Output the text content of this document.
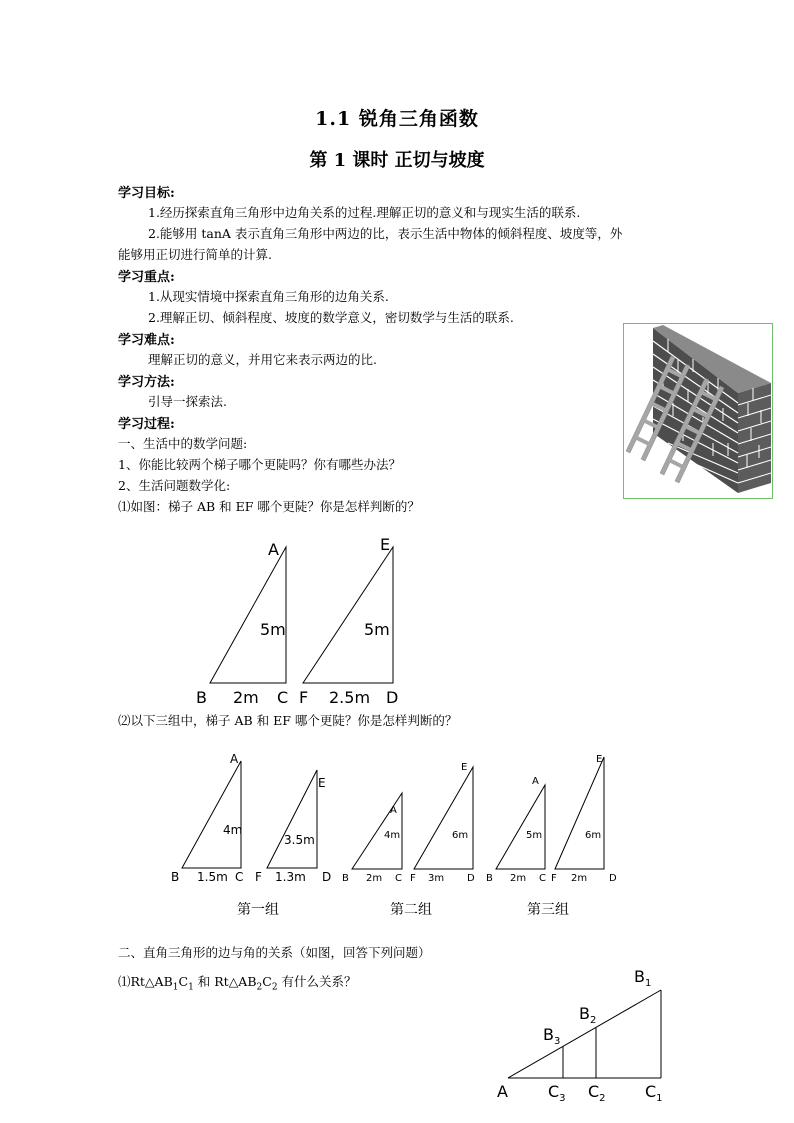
1.1 锐角三角函数
第 1 课时 正切与坡度
学习目标:
1.经历探索直角三角形中边角关系的过程.理解正切的意义和与现实生活的联系.
2.能够用 tanA 表示直角三角形中两边的比，表示生活中物体的倾斜程度、坡度等，外
能够用正切进行简单的计算.
学习重点:
1.从现实情境中探索直角三角形的边角关系.
2.理解正切、倾斜程度、坡度的数学意义，密切数学与生活的联系.
学习难点:
理解正切的意义，并用它来表示两边的比.
学习方法:
引导一探索法.
学习过程:
一、生活中的数学问题:
1、你能比较两个梯子哪个更陡吗？你有哪些办法？
2、生活问题数学化:
⑴如图：梯子 AB 和 EF 哪个更陡？你是怎样判断的？
A
B	C
5m
2m
E
F	D
5m
2.5m
⑵以下三组中，梯子 AB 和 EF 哪个更陡？你是怎样判断的？
A
B	C
4m
1.5m
E
F	D
3.5m
1.3m
第一组
A
B	C
4m
2m
E
F	D
6m
3m
第二组
A
B	C
5m
2m
E
F	D
6m
2m
第三组
二、直角三角形的边与角的关系（如图，回答下列问题）
$⑴Rt\triangle AB_1C_1$ 和 $Rt\triangle AB_2C_2$ 有什么关系？
A
$B_1$
$B_2$
$B_3$
$C_3$ $C_2$ $C_1$
